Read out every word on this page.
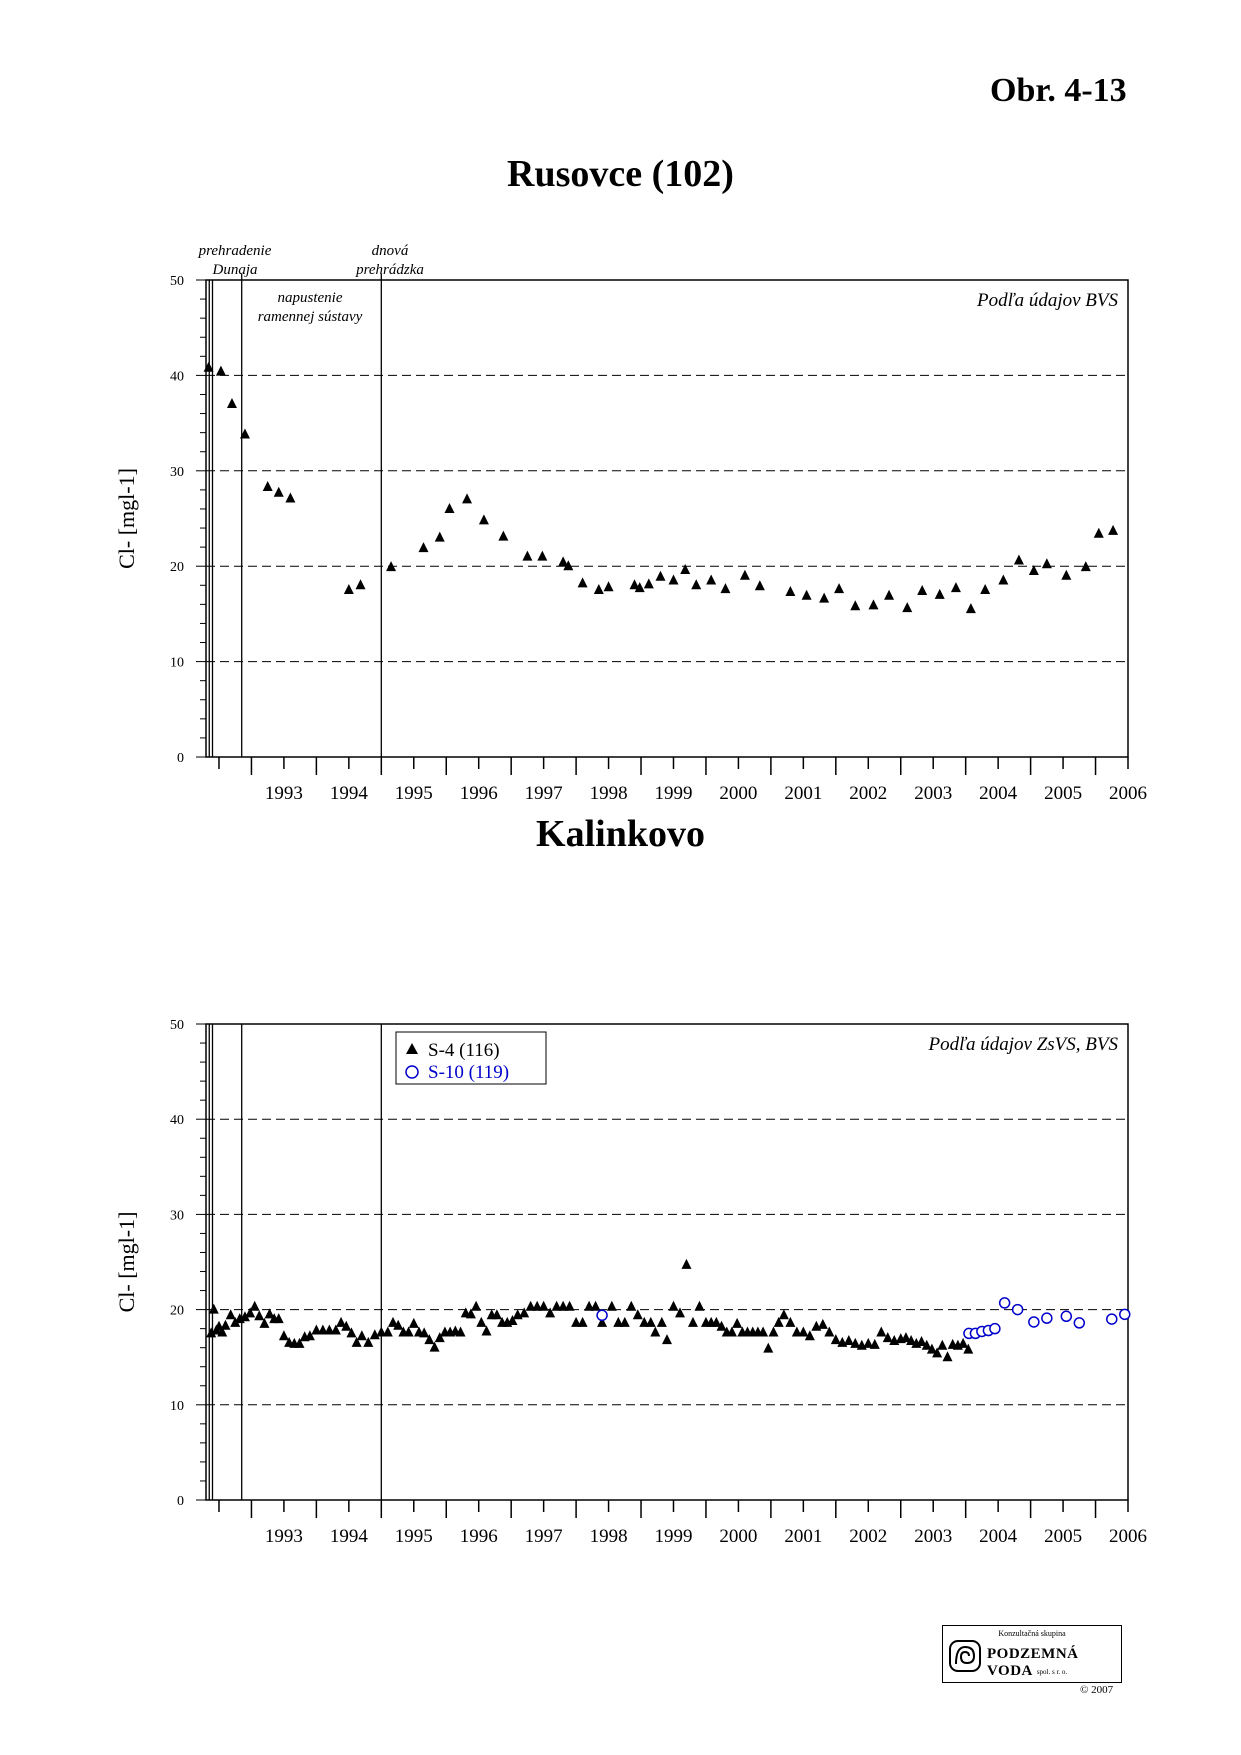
Obr. 4-13
Rusovce (102)
Kalinkovo
0
10
20
30
40
50
Cl- [mgl-1]
1993 1994 1995 1996 1997 1998 1999 2000 2001 2002 2003 2004 2005 2006
prehradenie
Dunaja
dnová
prehrádzka
napustenie
ramennej sústavy
Podľa údajov BVS
0
10
20
30
40
50
Cl- [mgl-1]
1993 1994 1995 1996 1997 1998 1999 2000 2001 2002 2003 2004 2005 2006
Podľa údajov ZsVS, BVS
S-4 (116)
S-10 (119)
Konzultačná skupina
PODZEMNÁ VODA spol. s r. o.
© 2007
